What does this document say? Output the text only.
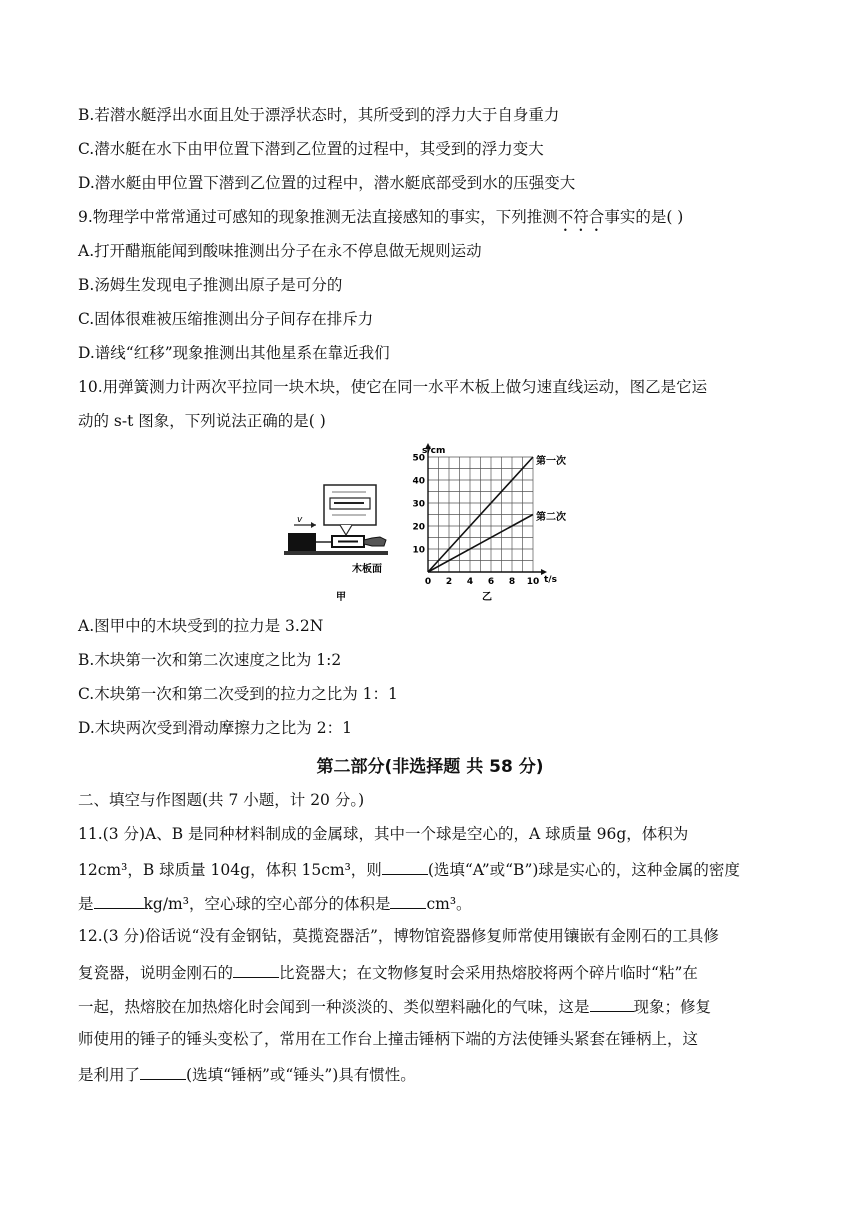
B.若潜水艇浮出水面且处于漂浮状态时，其所受到的浮力大于自身重力
C.潜水艇在水下由甲位置下潜到乙位置的过程中，其受到的浮力变大
D.潜水艇由甲位置下潜到乙位置的过程中，潜水艇底部受到水的压强变大
9.物理学中常常通过可感知的现象推测无法直接感知的事实，下列推测不符合事实的是( )
A.打开醋瓶能闻到酸味推测出分子在永不停息做无规则运动
B.汤姆生发现电子推测出原子是可分的
C.固体很难被压缩推测出分子间存在排斥力
D.谱线“红移”现象推测出其他星系在靠近我们
10.用弹簧测力计两次平拉同一块木块，使它在同一水平木板上做匀速直线运动，图乙是它运
动的 s-t 图象，下列说法正确的是( )
v
木板面
甲
10
20
30
40
50
0 2 4 6 8 10
s/cm
t/s
第一次
第二次
乙
A.图甲中的木块受到的拉力是 3.2N
B.木块第一次和第二次速度之比为 1:2
C.木块第一次和第二次受到的拉力之比为 1：1
D.木块两次受到滑动摩擦力之比为 2：1
第二部分(非选择题 共 58 分)
二、填空与作图题(共 7 小题，计 20 分。)
11.(3 分)A、B 是同种材料制成的金属球，其中一个球是空心的，A 球质量 96g，体积为
12cm³，B 球质量 104g，体积 15cm³，则	(选填“A”或“B”)球是实心的，这种金属的密度
是	kg/m³，空心球的空心部分的体积是 cm³。
12.(3 分)俗话说“没有金钢钻，莫揽瓷器活”，博物馆瓷器修复师常使用镶嵌有金刚石的工具修
复瓷器，说明金刚石的	比瓷器大；在文物修复时会采用热熔胶将两个碎片临时“粘”在
一起，热熔胶在加热熔化时会闻到一种淡淡的、类似塑料融化的气味，这是	现象；修复
师使用的锤子的锤头变松了，常用在工作台上撞击锤柄下端的方法使锤头紧套在锤柄上，这
是利用了	(选填“锤柄”或“锤头”)具有惯性。
